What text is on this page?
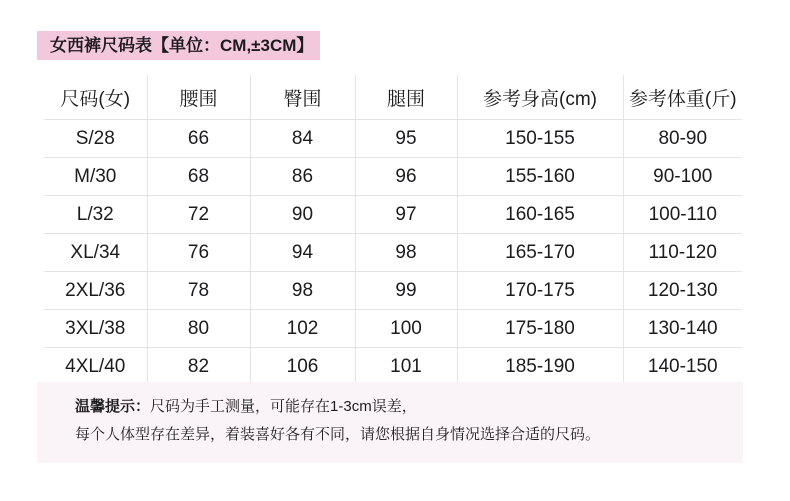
女西裤尺码表【单位：CM,±3CM】
尺码(女)	腰围	臀围	腿围	参考身高(cm)	参考体重(斤)
S/28	66	84	95	150-155	80-90
M/30	68	86	96	155-160	90-100
L/32	72	90	97	160-165	100-110
XL/34	76	94	98	165-170	110-120
2XL/36	78	98	99	170-175	120-130
3XL/38	80	102	100	175-180	130-140
4XL/40	82	106	101	185-190	140-150

温馨提示：尺码为手工测量，可能存在1-3cm误差，

每个人体型存在差异，着装喜好各有不同，请您根据自身情况选择合适的尺码。
